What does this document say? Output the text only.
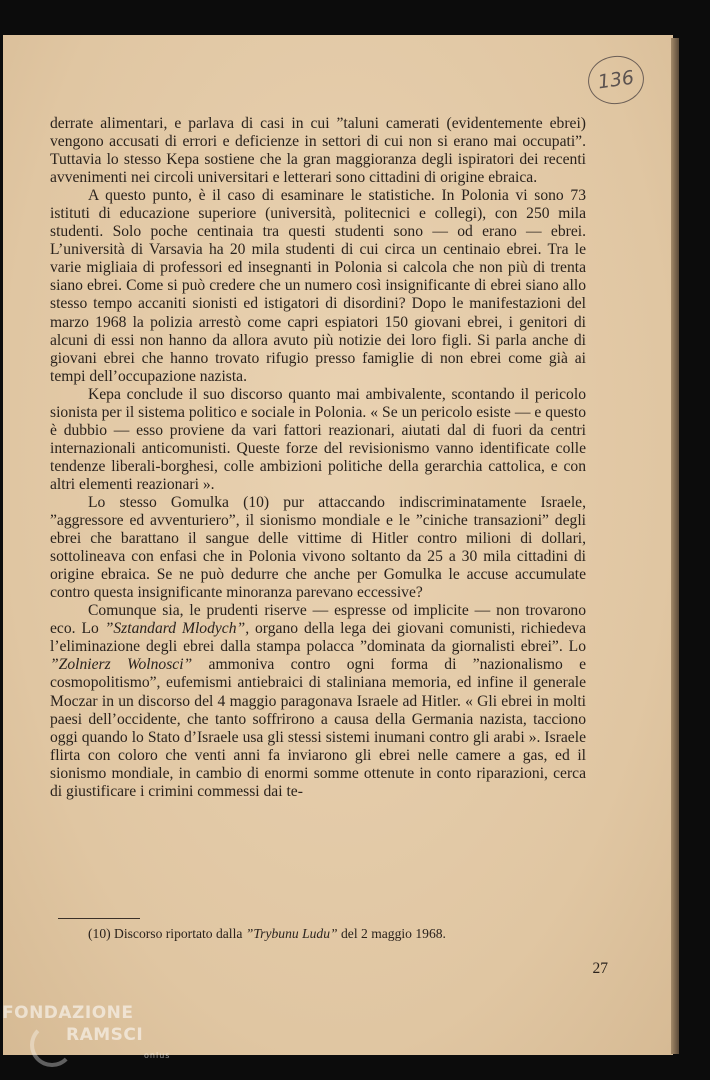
136

derrate alimentari, e parlava di casi in cui ”taluni camerati (evidentemente ebrei) vengono accusati di errori e deficienze in settori di cui non si erano mai occupati”. Tuttavia lo stesso Kepa sostiene che la gran maggioranza degli ispiratori dei recenti avvenimenti nei circoli universitari e letterari sono cittadini di origine ebraica.

A questo punto, è il caso di esaminare le statistiche. In Polonia vi sono 73 istituti di educazione superiore (università, politecnici e collegi), con 250 mila studenti. Solo poche centinaia tra questi studenti sono — od erano — ebrei. L’università di Varsavia ha 20 mila studenti di cui circa un centinaio ebrei. Tra le varie migliaia di professori ed insegnanti in Polonia si calcola che non più di trenta siano ebrei. Come si può credere che un numero così insignificante di ebrei siano allo stesso tempo accaniti sionisti ed istigatori di disordini? Dopo le manifestazioni del marzo 1968 la polizia arrestò come capri espiatori 150 giovani ebrei, i genitori di alcuni di essi non hanno da allora avuto più notizie dei loro figli. Si parla anche di giovani ebrei che hanno trovato rifugio presso famiglie di non ebrei come già ai tempi dell’occupazione nazista.

Kepa conclude il suo discorso quanto mai ambivalente, scontando il pericolo sionista per il sistema politico e sociale in Polonia. « Se un pericolo esiste — e questo è dubbio — esso proviene da vari fattori reazionari, aiutati dal di fuori da centri internazionali anticomunisti. Queste forze del revisionismo vanno identificate colle tendenze liberali-borghesi, colle ambizioni politiche della gerarchia cattolica, e con altri elementi reazionari ».

Lo stesso Gomulka (10) pur attaccando indiscriminatamente Israele, ”aggressore ed avventuriero”, il sionismo mondiale e le ”ciniche transazioni” degli ebrei che barattano il sangue delle vittime di Hitler contro milioni di dollari, sottolineava con enfasi che in Polonia vivono soltanto da 25 a 30 mila cittadini di origine ebraica. Se ne può dedurre che anche per Gomulka le accuse accumulate contro questa insignificante minoranza parevano eccessive?

Comunque sia, le prudenti riserve — espresse od implicite — non trovarono eco. Lo ”Sztandard Mlodych”, organo della lega dei giovani comunisti, richiedeva l’eliminazione degli ebrei dalla stampa polacca ”dominata da giornalisti ebrei”. Lo ”Zolnierz Wolnosci” ammoniva contro ogni forma di ”nazionalismo e cosmopolitismo”, eufemismi antiebraici di staliniana memoria, ed infine il generale Moczar in un discorso del 4 maggio paragonava Israele ad Hitler. « Gli ebrei in molti paesi dell’occidente, che tanto soffrirono a causa della Germania nazista, tacciono oggi quando lo Stato d’Israele usa gli stessi sistemi inumani contro gli arabi ». Israele flirta con coloro che venti anni fa inviarono gli ebrei nelle camere a gas, ed il sionismo mondiale, in cambio di enormi somme ottenute in conto riparazioni, cerca di giustificare i crimini commessi dai te-

(10) Discorso riportato dalla ”Trybunu Ludu” del 2 maggio 1968.
27
FONDAZIONE
RAMSCI
onlus
